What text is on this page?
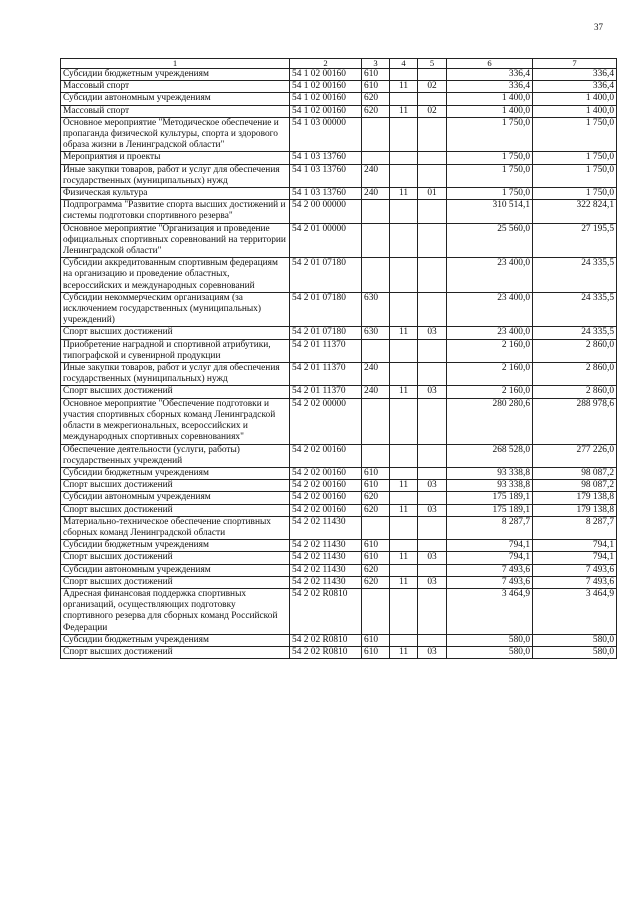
37
1	2	3	4	5	6	7
Субсидии бюджетным учреждениям	54 1 02 00160	610			336,4	336,4
Массовый спорт	54 1 02 00160	610	11	02	336,4	336,4
Субсидии автономным учреждениям	54 1 02 00160	620			1 400,0	1 400,0
Массовый спорт	54 1 02 00160	620	11	02	1 400,0	1 400,0
Основное мероприятие "Методическое обеспечение и пропаганда физической культуры, спорта и здорового образа жизни в Ленинградской области"	54 1 03 00000				1 750,0	1 750,0
Мероприятия и проекты	54 1 03 13760				1 750,0	1 750,0
Иные закупки товаров, работ и услуг для обеспечения государственных (муниципальных) нужд	54 1 03 13760	240			1 750,0	1 750,0
Физическая культура	54 1 03 13760	240	11	01	1 750,0	1 750,0
Подпрограмма "Развитие спорта высших достижений и системы подготовки спортивного резерва"	54 2 00 00000				310 514,1	322 824,1
Основное мероприятие "Организация и проведение официальных спортивных соревнований на территории Ленинградской области"	54 2 01 00000				25 560,0	27 195,5
Субсидии аккредитованным спортивным федерациям на организацию и проведение областных, всероссийских и международных соревнований	54 2 01 07180				23 400,0	24 335,5
Субсидии некоммерческим организациям (за исключением государственных (муниципальных) учреждений)	54 2 01 07180	630			23 400,0	24 335,5
Спорт высших достижений	54 2 01 07180	630	11	03	23 400,0	24 335,5
Приобретение наградной и спортивной атрибутики, типографской и сувенирной продукции	54 2 01 11370				2 160,0	2 860,0
Иные закупки товаров, работ и услуг для обеспечения государственных (муниципальных) нужд	54 2 01 11370	240			2 160,0	2 860,0
Спорт высших достижений	54 2 01 11370	240	11	03	2 160,0	2 860,0
Основное мероприятие "Обеспечение подготовки и участия спортивных сборных команд Ленинградской области в межрегиональных, всероссийских и международных спортивных соревнованиях"	54 2 02 00000				280 280,6	288 978,6
Обеспечение деятельности (услуги, работы) государственных учреждений	54 2 02 00160				268 528,0	277 226,0
Субсидии бюджетным учреждениям	54 2 02 00160	610			93 338,8	98 087,2
Спорт высших достижений	54 2 02 00160	610	11	03	93 338,8	98 087,2
Субсидии автономным учреждениям	54 2 02 00160	620			175 189,1	179 138,8
Спорт высших достижений	54 2 02 00160	620	11	03	175 189,1	179 138,8
Материально-техническое обеспечение спортивных сборных команд Ленинградской области	54 2 02 11430				8 287,7	8 287,7
Субсидии бюджетным учреждениям	54 2 02 11430	610			794,1	794,1
Спорт высших достижений	54 2 02 11430	610	11	03	794,1	794,1
Субсидии автономным учреждениям	54 2 02 11430	620			7 493,6	7 493,6
Спорт высших достижений	54 2 02 11430	620	11	03	7 493,6	7 493,6
Адресная финансовая поддержка спортивных организаций, осуществляющих подготовку спортивного резерва для сборных команд Российской Федерации	54 2 02 R0810				3 464,9	3 464,9
Субсидии бюджетным учреждениям	54 2 02 R0810	610			580,0	580,0
Спорт высших достижений	54 2 02 R0810	610	11	03	580,0	580,0
